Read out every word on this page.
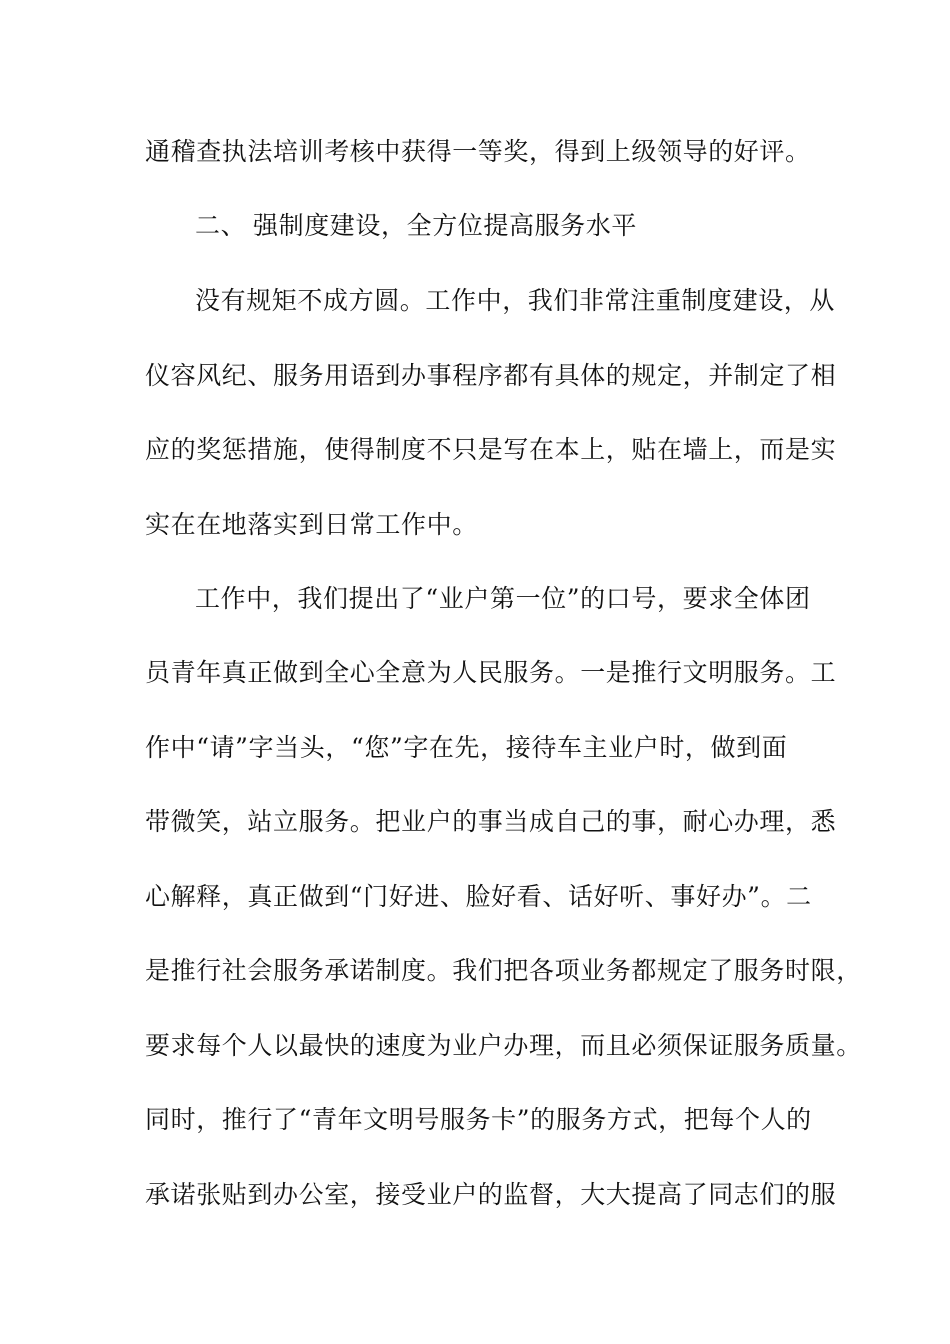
通稽查执法培训考核中获得一等奖，得到上级领导的好评。
二、 强制度建设，全方位提高服务水平
没有规矩不成方圆。工作中，我们非常注重制度建设，从
仪容风纪、服务用语到办事程序都有具体的规定，并制定了相
应的奖惩措施，使得制度不只是写在本上，贴在墙上，而是实
实在在地落实到日常工作中。
工作中，我们提出了“业户第一位”的口号，要求全体团
员青年真正做到全心全意为人民服务。一是推行文明服务。工
作中“请”字当头，“您”字在先，接待车主业户时，做到面
带微笑，站立服务。把业户的事当成自己的事，耐心办理，悉
心解释，真正做到“门好进、脸好看、话好听、事好办”。二
是推行社会服务承诺制度。我们把各项业务都规定了服务时限，
要求每个人以最快的速度为业户办理，而且必须保证服务质量。
同时，推行了“青年文明号服务卡”的服务方式，把每个人的
承诺张贴到办公室，接受业户的监督，大大提高了同志们的服
